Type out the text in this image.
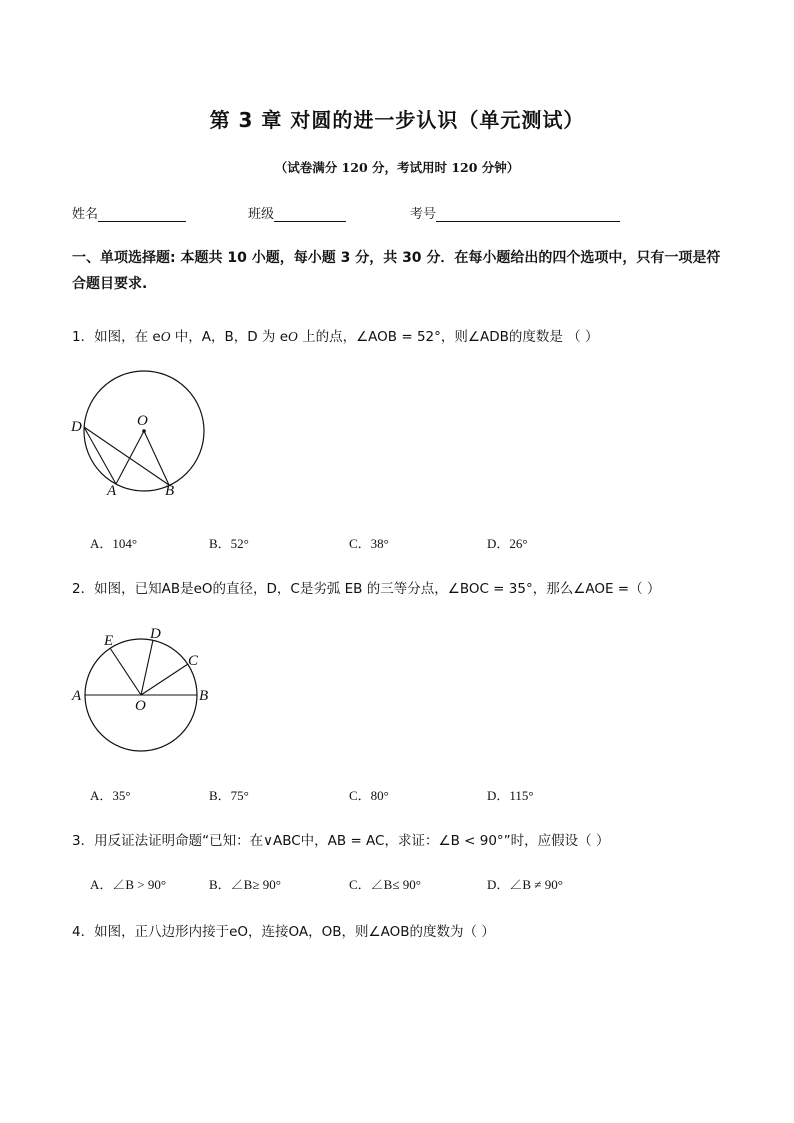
第 3 章 对圆的进一步认识（单元测试）
（试卷满分 120 分，考试用时 120 分钟）
姓名	班级	考号
一、单项选择题: 本题共 10 小题，每小题 3 分，共 30 分．在每小题给出的四个选项中，只有一项是符合题目要求.
1．如图，在 eO 中，A，B，D 为 eO 上的点，∠AOB = 52°，则∠ADB的度数是 （ ）
D	O
A	B
A．104°	B．52°	C．38°	D．26°
2．如图，已知AB是eO的直径，D，C是劣弧 EB 的三等分点，∠BOC = 35°，那么∠AOE =（ ）
E D
C
A
O
B
A．35°	B．75°	C．80°	D．115°
3．用反证法证明命题“已知：在∨ABC中，AB = AC，求证：∠B < 90°”时，应假设（ ）
A．∠B > 90°	B．∠B≥ 90°	C．∠B≤ 90°	D．∠B ≠ 90°
4．如图，正八边形内接于eO，连接OA，OB，则∠AOB的度数为（ ）
